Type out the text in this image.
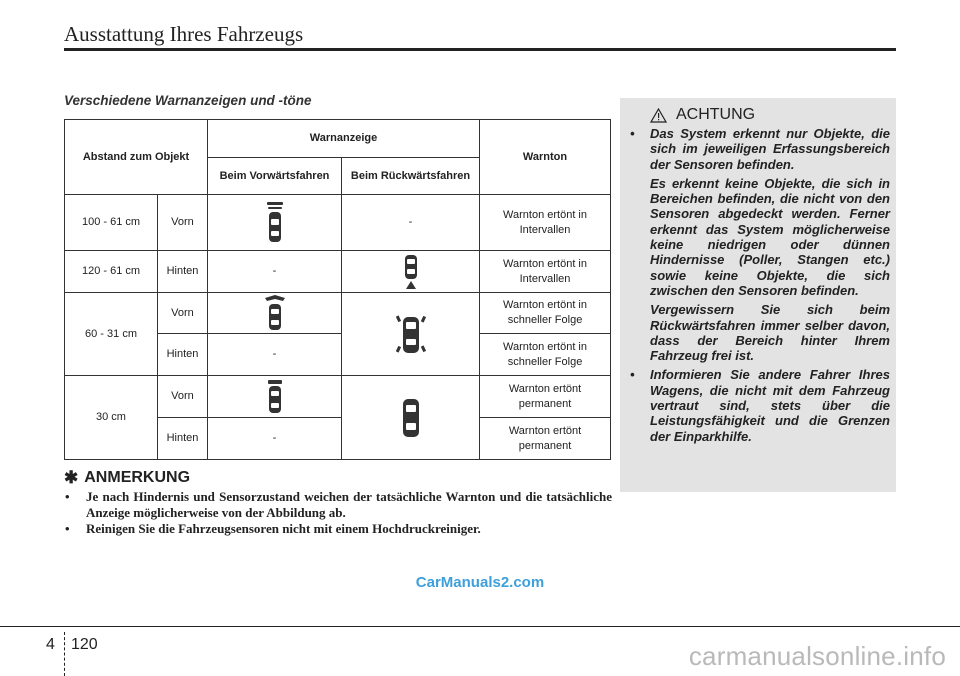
Ausstattung Ihres Fahrzeugs
Verschiedene Warnanzeigen und -töne
Abstand zum Objekt		Warnanzeige		Warnton
		Beim Vorwärtsfahren	Beim Rückwärtsfahren	
100 - 61 cm	Vorn		-	Warnton ertönt in Intervallen
120 - 61 cm	Hinten	-		Warnton ertönt in Intervallen
60 - 31 cm	Vorn			Warnton ertönt in schneller Folge
	Hinten	-		Warnton ertönt in schneller Folge
30 cm	Vorn			Warnton ertönt permanent
	Hinten	-		Warnton ertönt permanent
ACHTUNG
• Das System erkennt nur Objekte, die sich im jeweiligen Erfassungsbereich der Sensoren befinden.

Es erkennt keine Objekte, die sich in Bereichen befinden, die nicht von den Sensoren abgedeckt werden. Ferner erkennt das System möglicherweise keine niedrigen oder dünnen Hindernisse (Poller, Stangen etc.) sowie keine Objekte, die sich zwischen den Sensoren befinden.

Vergewissern Sie sich beim Rückwärtsfahren immer selber davon, dass der Bereich hinter Ihrem Fahrzeug frei ist.

• Informieren Sie andere Fahrer Ihres Wagens, die nicht mit dem Fahrzeug vertraut sind, stets über die Leistungsfähigkeit und die Grenzen der Einparkhilfe.

✱ ANMERKUNG
• Je nach Hindernis und Sensorzustand weichen der tatsächliche Warnton und die tatsächliche Anzeige möglicherweise von der Abbildung ab.
• Reinigen Sie die Fahrzeugsensoren nicht mit einem Hochdruckreiniger.
CarManuals2.com
4 120	carmanualsonline.info
